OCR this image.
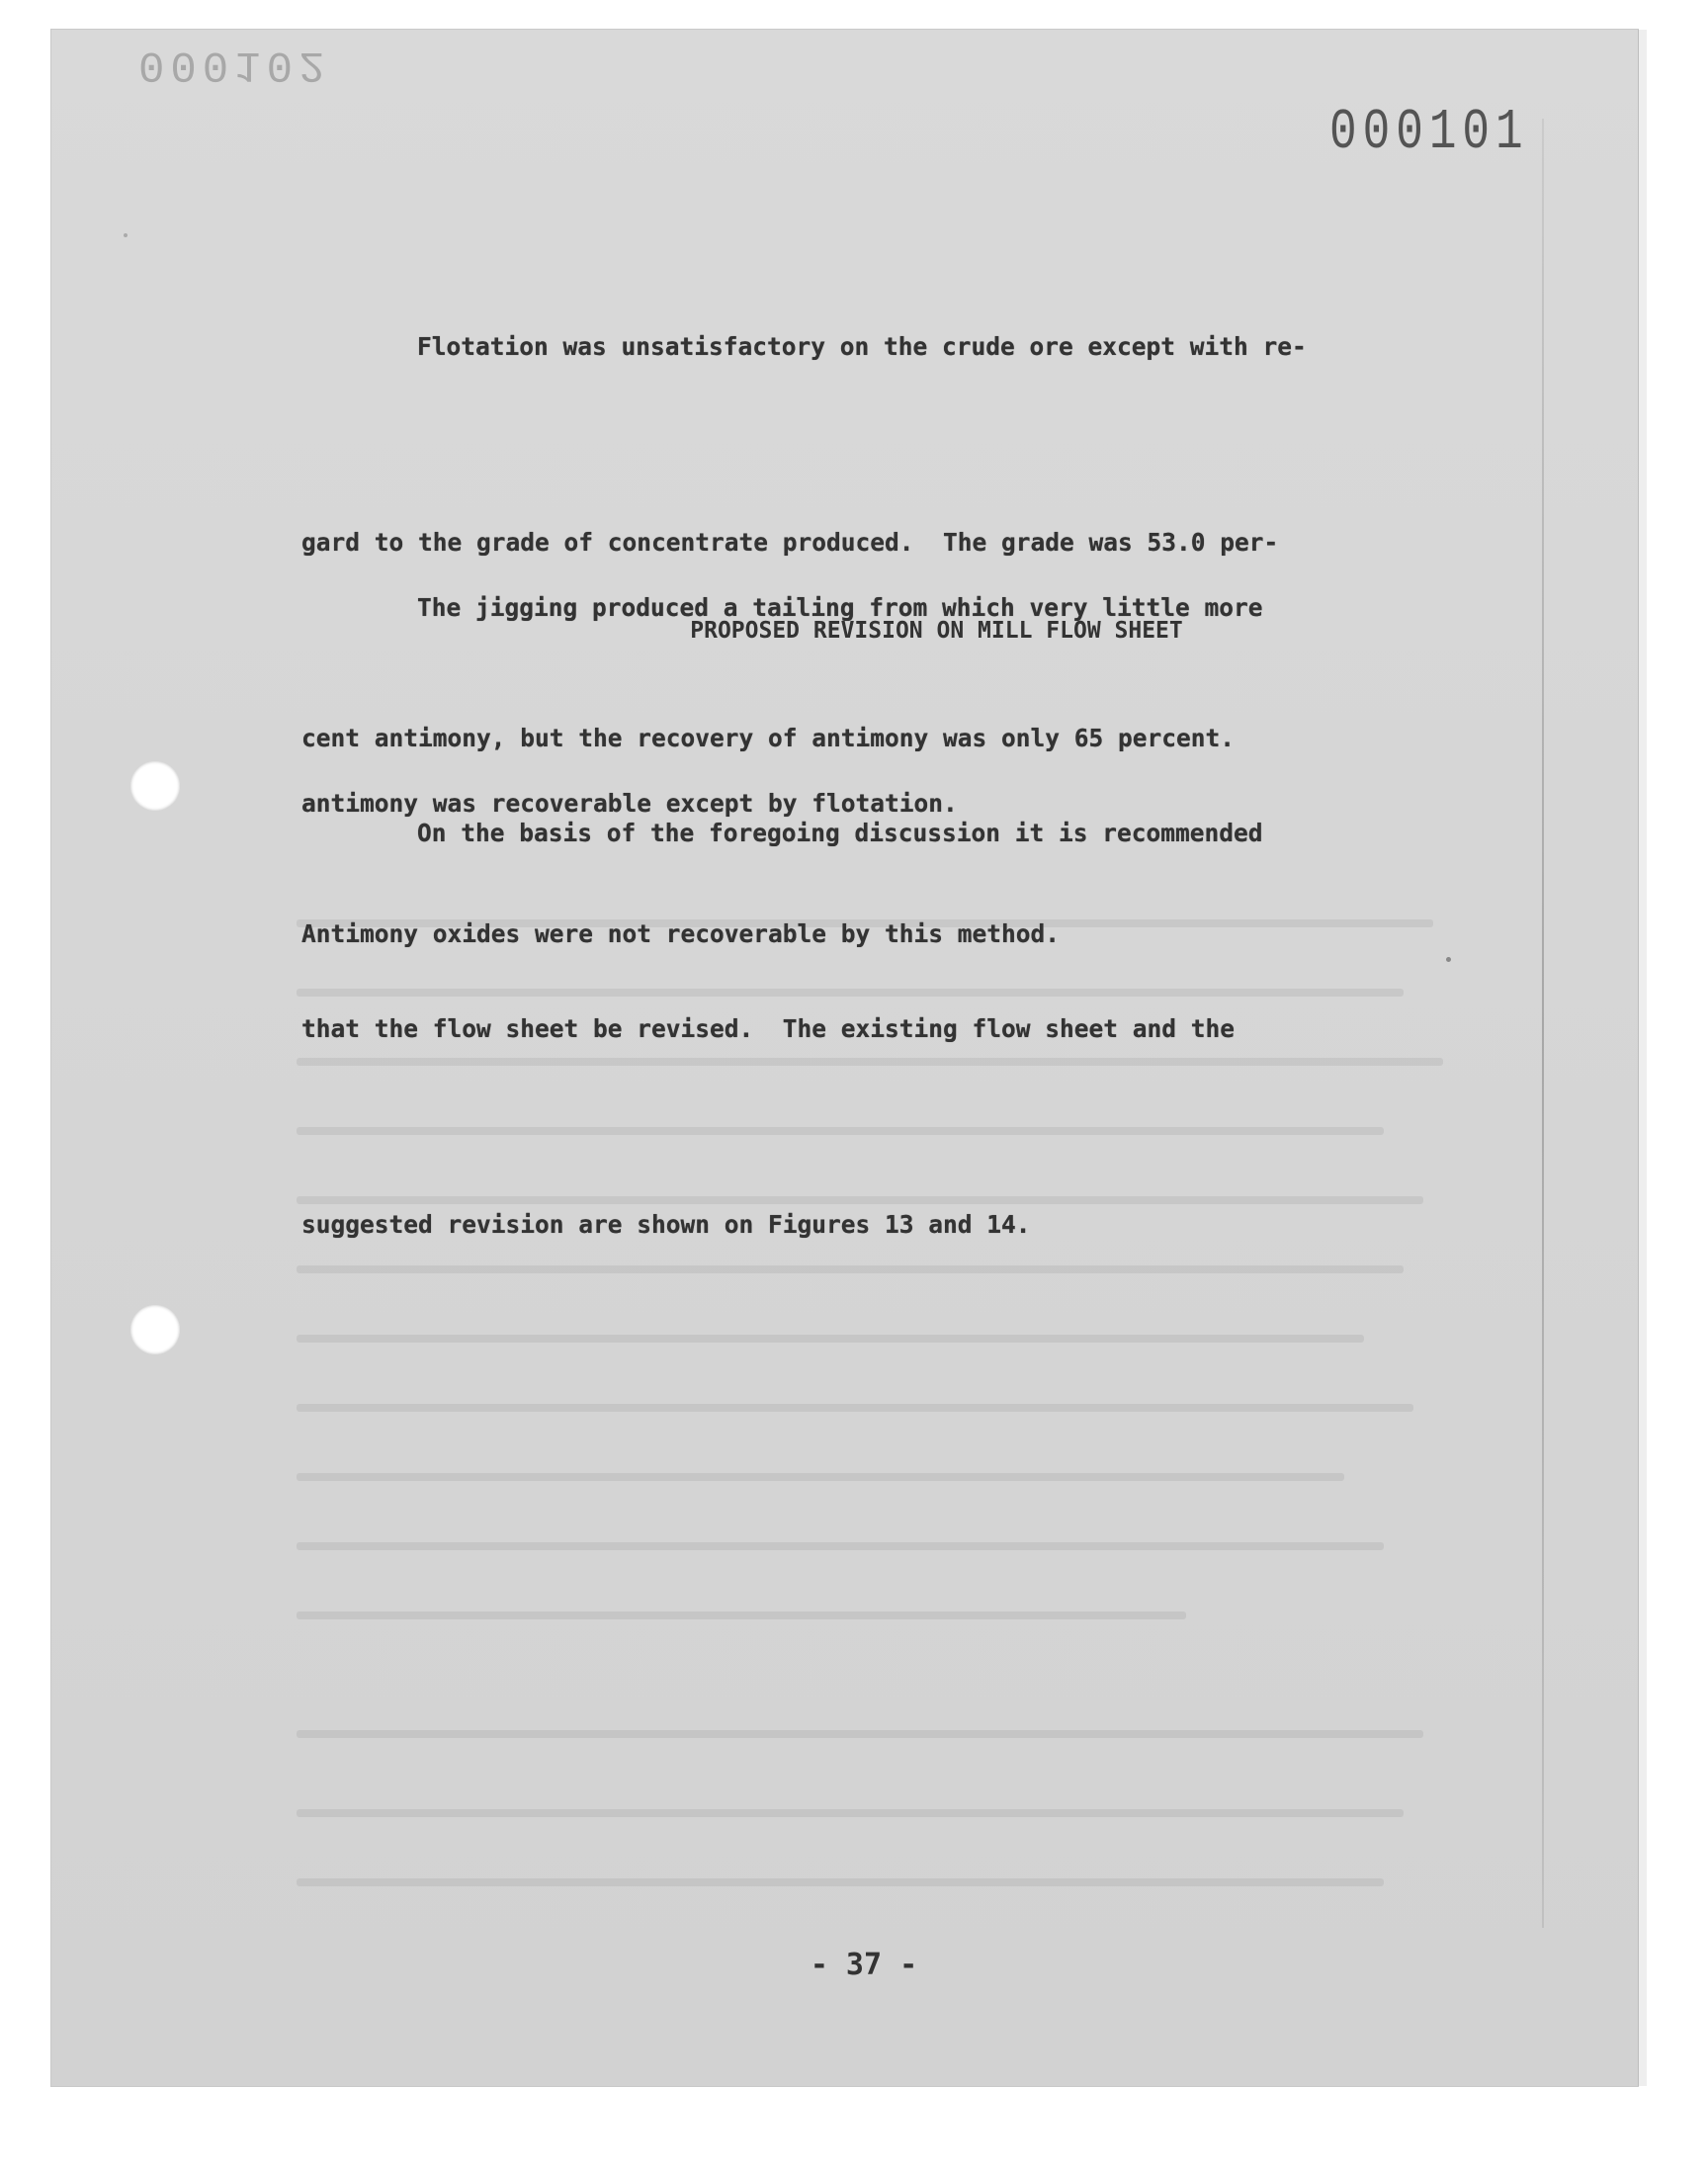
000102
000101

Flotation was unsatisfactory on the crude ore except with re-

gard to the grade of concentrate produced.  The grade was 53.0 per-

cent antimony, but the recovery of antimony was only 65 percent.

Antimony oxides were not recoverable by this method.

The jigging produced a tailing from which very little more

antimony was recoverable except by flotation.

PROPOSED REVISION ON MILL FLOW SHEET

On the basis of the foregoing discussion it is recommended

that the flow sheet be revised.  The existing flow sheet and the

suggested revision are shown on Figures 13 and 14.

- 37 -
